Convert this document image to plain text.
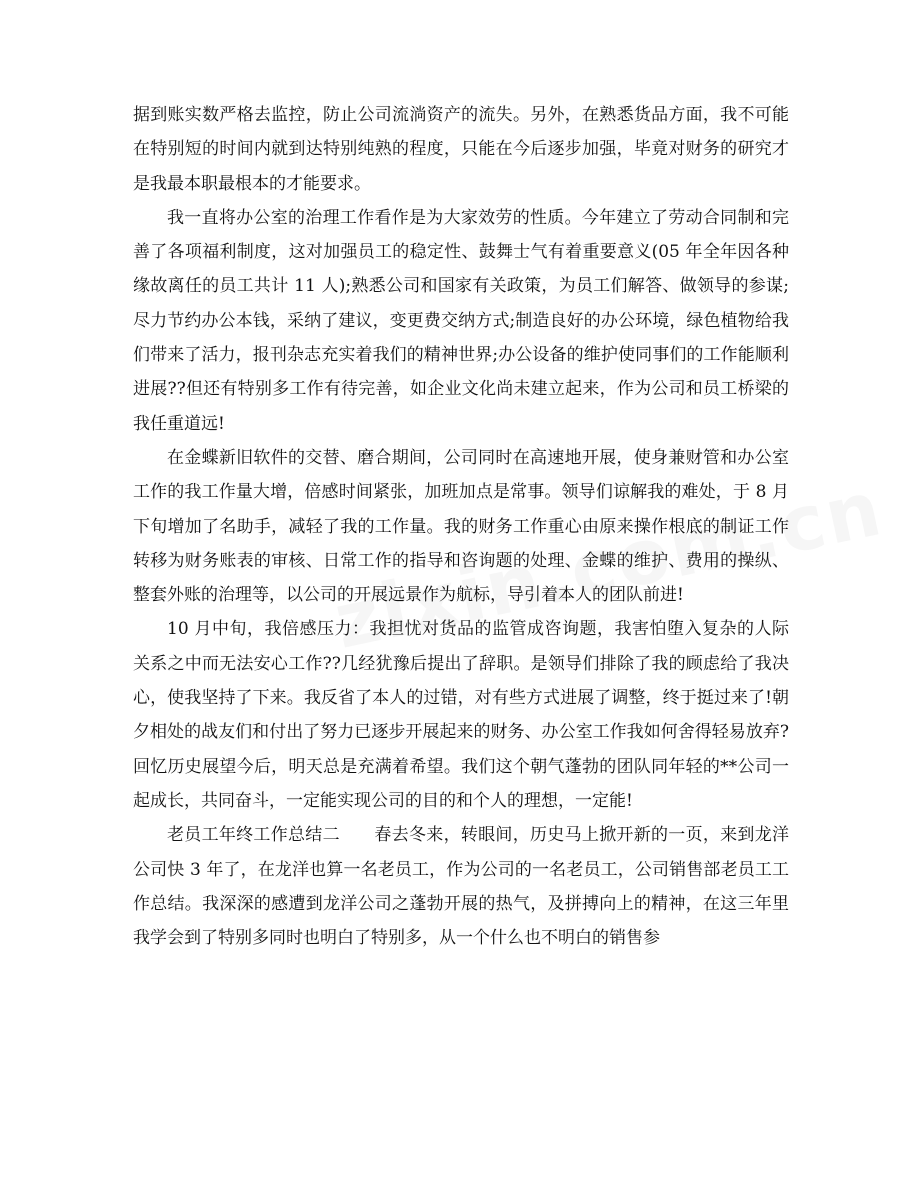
据到账实数严格去监控，防止公司流淌资产的流失。另外，在熟悉货品方面，我不可能在特别短的时间内就到达特别纯熟的程度，只能在今后逐步加强，毕竟对财务的研究才是我最本职最根本的才能要求。

我一直将办公室的治理工作看作是为大家效劳的性质。今年建立了劳动合同制和完善了各项福利制度，这对加强员工的稳定性、鼓舞士气有着重要意义(05 年全年因各种缘故离任的员工共计 11 人);熟悉公司和国家有关政策，为员工们解答、做领导的参谋;尽力节约办公本钱，采纳了建议，变更费交纳方式;制造良好的办公环境，绿色植物给我们带来了活力，报刊杂志充实着我们的精神世界;办公设备的维护使同事们的工作能顺利进展??但还有特别多工作有待完善，如企业文化尚未建立起来，作为公司和员工桥梁的我任重道远!

在金蝶新旧软件的交替、磨合期间，公司同时在高速地开展，使身兼财管和办公室工作的我工作量大增，倍感时间紧张，加班加点是常事。领导们谅解我的难处，于 8 月下旬增加了名助手，减轻了我的工作量。我的财务工作重心由原来操作根底的制证工作转移为财务账表的审核、日常工作的指导和咨询题的处理、金蝶的维护、费用的操纵、整套外账的治理等，以公司的开展远景作为航标，导引着本人的团队前进!

10 月中旬，我倍感压力：我担忧对货品的监管成咨询题，我害怕堕入复杂的人际关系之中而无法安心工作??几经犹豫后提出了辞职。是领导们排除了我的顾虑给了我决心，使我坚持了下来。我反省了本人的过错，对有些方式进展了调整，终于挺过来了!朝夕相处的战友们和付出了努力已逐步开展起来的财务、办公室工作我如何舍得轻易放弃?回忆历史展望今后，明天总是充满着希望。我们这个朝气蓬勃的团队同年轻的**公司一起成长，共同奋斗，一定能实现公司的目的和个人的理想，一定能!

老员工年终工作总结二　　春去冬来，转眼间，历史马上掀开新的一页，来到龙洋公司快 3 年了，在龙洋也算一名老员工，作为公司的一名老员工，公司销售部老员工工作总结。我深深的感遭到龙洋公司之蓬勃开展的热气，及拼搏向上的精神，在这三年里我学会到了特别多同时也明白了特别多，从一个什么也不明白的销售参
